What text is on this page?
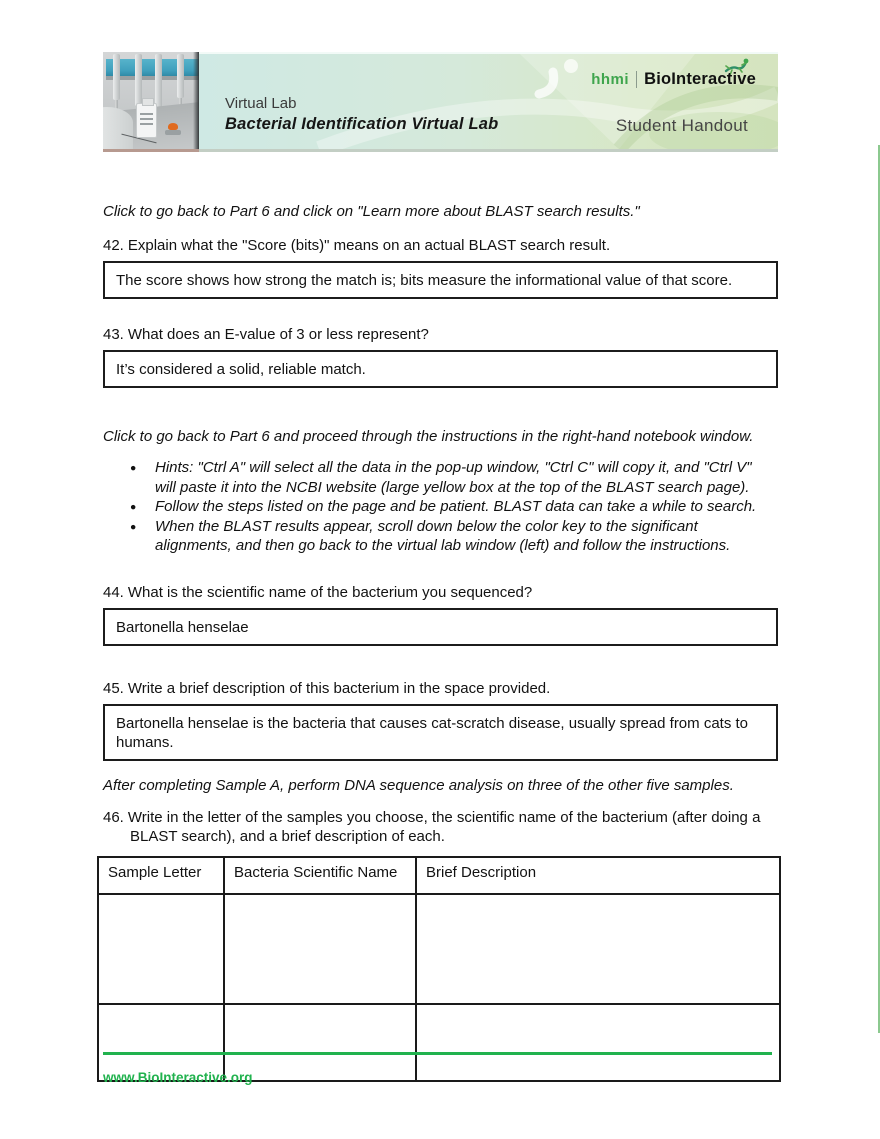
Virtual Lab
Bacterial Identification Virtual Lab
hhmi BioInteractive
Student Handout

Click to go back to Part 6 and click on "Learn more about BLAST search results."

42. Explain what the "Score (bits)" means on an actual BLAST search result.

The score shows how strong the match is; bits measure the informational value of that score.

43. What does an E-value of 3 or less represent?

It’s considered a solid, reliable match.

Click to go back to Part 6 and proceed through the instructions in the right-hand notebook window.

● Hints: "Ctrl A" will select all the data in the pop-up window, "Ctrl C" will copy it, and "Ctrl V" will paste it into the NCBI website (large yellow box at the top of the BLAST search page).
● Follow the steps listed on the page and be patient. BLAST data can take a while to search.
● When the BLAST results appear, scroll down below the color key to the significant alignments, and then go back to the virtual lab window (left) and follow the instructions.

44. What is the scientific name of the bacterium you sequenced?

Bartonella henselae

45. Write a brief description of this bacterium in the space provided.

Bartonella henselae is the bacteria that causes cat-scratch disease, usually spread from cats to humans.

After completing Sample A, perform DNA sequence analysis on three of the other five samples.

46. Write in the letter of the samples you choose, the scientific name of the bacterium (after doing a BLAST search), and a brief description of each.

Sample Letter	Bacteria Scientific Name	Brief Description

www.BioInteractive.org
